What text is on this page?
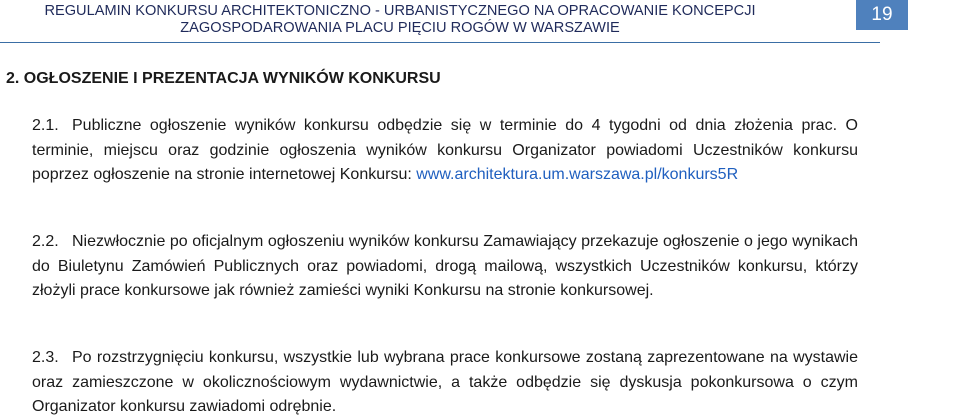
REGULAMIN KONKURSU ARCHITEKTONICZNO - URBANISTYCZNEGO NA OPRACOWANIE KONCEPCJI
ZAGOSPODAROWANIA PLACU PIĘCIU ROGÓW W WARSZAWIE
19
2. OGŁOSZENIE I PREZENTACJA WYNIKÓW KONKURSU

2.1. Publiczne ogłoszenie wyników konkursu odbędzie się w terminie do 4 tygodni od dnia złożenia prac. O terminie, miejscu oraz godzinie ogłoszenia wyników konkursu Organizator powiadomi Uczestników konkursu poprzez ogłoszenie na stronie internetowej Konkursu: www.architektura.um.warszawa.pl/konkurs5R

2.2. Niezwłocznie po oficjalnym ogłoszeniu wyników konkursu Zamawiający przekazuje ogłoszenie o jego wynikach do Biuletynu Zamówień Publicznych oraz powiadomi, drogą mailową, wszystkich Uczestników konkursu, którzy złożyli prace konkursowe jak również zamieści wyniki Konkursu na stronie konkursowej.

2.3. Po rozstrzygnięciu konkursu, wszystkie lub wybrana prace konkursowe zostaną zaprezentowane na wystawie oraz zamieszczone w okolicznościowym wydawnictwie, a także odbędzie się dyskusja pokonkursowa o czym Organizator konkursu zawiadomi odrębnie.
